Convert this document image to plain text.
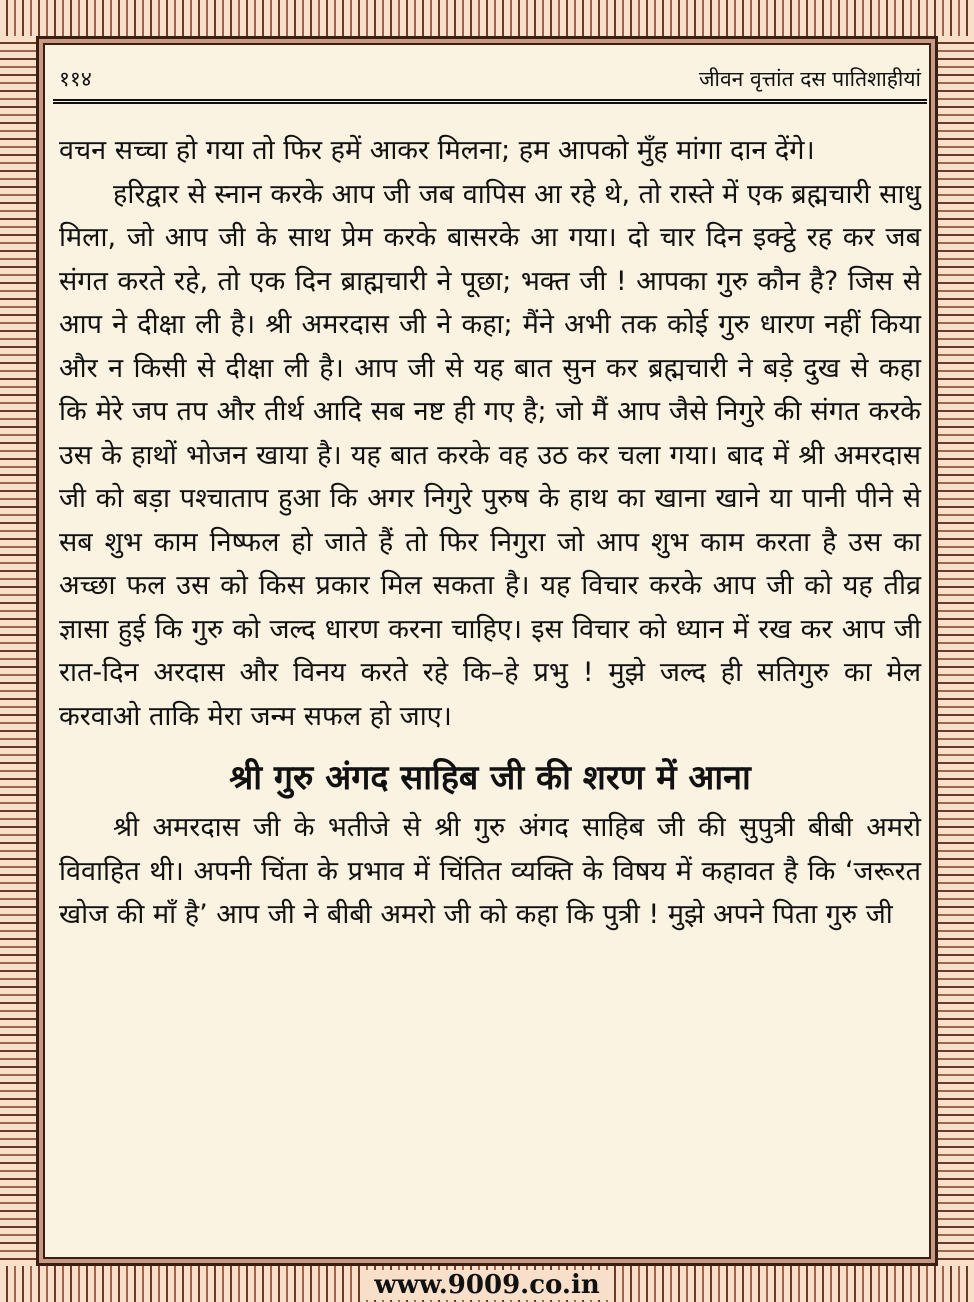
११४	जीवन वृत्तांत दस पातिशाहीयां

वचन सच्चा हो गया तो फिर हमें आकर मिलना; हम आपको मुँह मांगा दान देंगे।

हरिद्वार से स्नान करके आप जी जब वापिस आ रहे थे, तो रास्ते में एक ब्रह्मचारी साधु मिला, जो आप जी के साथ प्रेम करके बासरके आ गया। दो चार दिन इक्ट्ठे रह कर जब संगत करते रहे, तो एक दिन ब्राह्मचारी ने पूछा; भक्त जी ! आपका गुरु कौन है? जिस से आप ने दीक्षा ली है। श्री अमरदास जी ने कहा; मैंने अभी तक कोई गुरु धारण नहीं किया और न किसी से दीक्षा ली है। आप जी से यह बात सुन कर ब्रह्मचारी ने बड़े दुख से कहा कि मेरे जप तप और तीर्थ आदि सब नष्ट ही गए है; जो मैं आप जैसे निगुरे की संगत करके उस के हाथों भोजन खाया है। यह बात करके वह उठ कर चला गया। बाद में श्री अमरदास जी को बड़ा पश्चाताप हुआ कि अगर निगुरे पुरुष के हाथ का खाना खाने या पानी पीने से सब शुभ काम निष्फल हो जाते हैं तो फिर निगुरा जो आप शुभ काम करता है उस का अच्छा फल उस को किस प्रकार मिल सकता है। यह विचार करके आप जी को यह तीव्र ज्ञासा हुई कि गुरु को जल्द धारण करना चाहिए। इस विचार को ध्यान में रख कर आप जी रात-दिन अरदास और विनय करते रहे कि–हे प्रभु ! मुझे जल्द ही सतिगुरु का मेल करवाओ ताकि मेरा जन्म सफल हो जाए।

श्री गुरु अंगद साहिब जी की शरण में आना

श्री अमरदास जी के भतीजे से श्री गुरु अंगद साहिब जी की सुपुत्री बीबी अमरो विवाहित थी। अपनी चिंता के प्रभाव में चिंतित व्यक्ति के विषय में कहावत है कि ‘जरूरत खोज की माँ है’ आप जी ने बीबी अमरो जी को कहा कि पुत्री ! मुझे अपने पिता गुरु जी

www.9009.co.in
